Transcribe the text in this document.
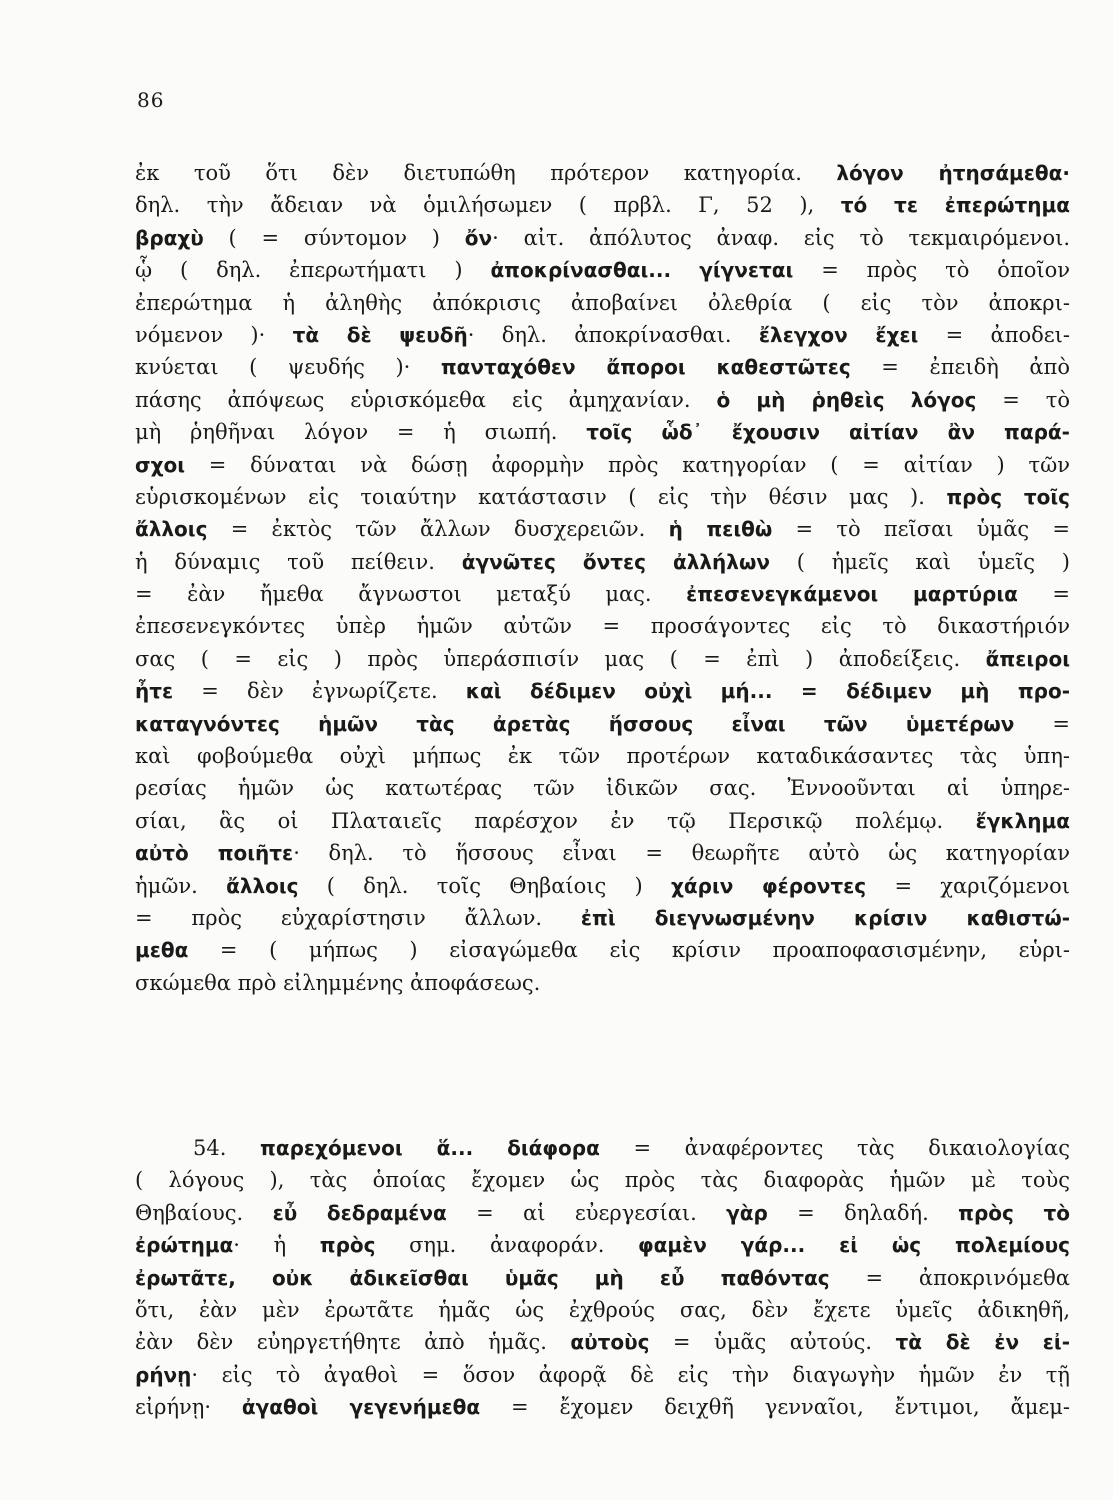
86
ἐκ τοῦ ὅτι δὲν διετυπώθη πρότερον κατηγορία. λόγον ἠτησάμεθα·
δηλ. τὴν ἄδειαν νὰ ὁμιλήσωμεν ( πρβλ. Γ, 52 ), τό τε ἐπερώτημα
βραχὺ ( = σύντομον ) ὄν· αἰτ. ἀπόλυτος ἀναφ. εἰς τὸ τεκμαιρόμενοι.
ᾧ ( δηλ. ἐπερωτήματι ) ἀποκρίνασθαι... γίγνεται = πρὸς τὸ ὁποῖον
ἐπερώτημα ἡ ἀληθὴς ἀπόκρισις ἀποβαίνει ὀλεθρία ( εἰς τὸν ἀποκρι-
νόμενον )· τὰ δὲ ψευδῆ· δηλ. ἀποκρίνασθαι. ἔλεγχον ἔχει = ἀποδει-
κνύεται ( ψευδής )· πανταχόθεν ἄποροι καθεστῶτες = ἐπειδὴ ἀπὸ
πάσης ἀπόψεως εὑρισκόμεθα εἰς ἀμηχανίαν. ὁ μὴ ῥηθεὶς λόγος = τὸ
μὴ ῥηθῆναι λόγον = ἡ σιωπή. τοῖς ὧδ᾽ ἔχουσιν αἰτίαν ἂν παρά-
σχοι = δύναται νὰ δώσῃ ἀφορμὴν πρὸς κατηγορίαν ( = αἰτίαν ) τῶν
εὑρισκομένων εἰς τοιαύτην κατάστασιν ( εἰς τὴν θέσιν μας ). πρὸς τοῖς
ἄλλοις = ἐκτὸς τῶν ἄλλων δυσχερειῶν. ἡ πειθὼ = τὸ πεῖσαι ὑμᾶς =
ἡ δύναμις τοῦ πείθειν. ἀγνῶτες ὄντες ἀλλήλων ( ἡμεῖς καὶ ὑμεῖς )
= ἐὰν ἤμεθα ἄγνωστοι μεταξύ μας. ἐπεσενεγκάμενοι μαρτύρια =
ἐπεσενεγκόντες ὑπὲρ ἡμῶν αὐτῶν = προσάγοντες εἰς τὸ δικαστήριόν
σας ( = εἰς ) πρὸς ὑπεράσπισίν μας ( = ἐπὶ ) ἀποδείξεις. ἄπειροι
ἦτε = δὲν ἐγνωρίζετε. καὶ δέδιμεν οὐχὶ μή... = δέδιμεν μὴ προ-
καταγνόντες ἡμῶν τὰς ἀρετὰς ἥσσους εἶναι τῶν ὑμετέρων =
καὶ φοβούμεθα οὐχὶ μήπως ἐκ τῶν προτέρων καταδικάσαντες τὰς ὑπη-
ρεσίας ἡμῶν ὡς κατωτέρας τῶν ἰδικῶν σας. Ἐννοοῦνται αἱ ὑπηρε-
σίαι, ἃς οἱ Πλαταιεῖς παρέσχον ἐν τῷ Περσικῷ πολέμῳ. ἔγκλημα
αὐτὸ ποιῆτε· δηλ. τὸ ἥσσους εἶναι = θεωρῆτε αὐτὸ ὡς κατηγορίαν
ἡμῶν. ἄλλοις ( δηλ. τοῖς Θηβαίοις ) χάριν φέροντες = χαριζόμενοι
= πρὸς εὐχαρίστησιν ἄλλων. ἐπὶ διεγνωσμένην κρίσιν καθιστώ-
μεθα = ( μήπως ) εἰσαγώμεθα εἰς κρίσιν προαποφασισμένην, εὑρι-
σκώμεθα πρὸ εἰλημμένης ἀποφάσεως.
54. παρεχόμενοι ἅ... διάφορα = ἀναφέροντες τὰς δικαιολογίας
( λόγους ), τὰς ὁποίας ἔχομεν ὡς πρὸς τὰς διαφορὰς ἡμῶν μὲ τοὺς
Θηβαίους. εὖ δεδραμένα = αἱ εὐεργεσίαι. γὰρ = δηλαδή. πρὸς τὸ
ἐρώτημα· ἡ πρὸς σημ. ἀναφοράν. φαμὲν γάρ... εἰ ὡς πολεμίους
ἐρωτᾶτε, οὐκ ἀδικεῖσθαι ὑμᾶς μὴ εὖ παθόντας = ἀποκρινόμεθα
ὅτι, ἐὰν μὲν ἐρωτᾶτε ἡμᾶς ὡς ἐχθρούς σας, δὲν ἔχετε ὑμεῖς ἀδικηθῆ,
ἐὰν δὲν εὐηργετήθητε ἀπὸ ἡμᾶς. αὐτοὺς = ὑμᾶς αὐτούς. τὰ δὲ ἐν εἰ-
ρήνῃ· εἰς τὸ ἀγαθοὶ = ὅσον ἀφορᾷ δὲ εἰς τὴν διαγωγὴν ἡμῶν ἐν τῇ
εἰρήνῃ· ἀγαθοὶ γεγενήμεθα = ἔχομεν δειχθῆ γενναῖοι, ἔντιμοι, ἄμεμ-
